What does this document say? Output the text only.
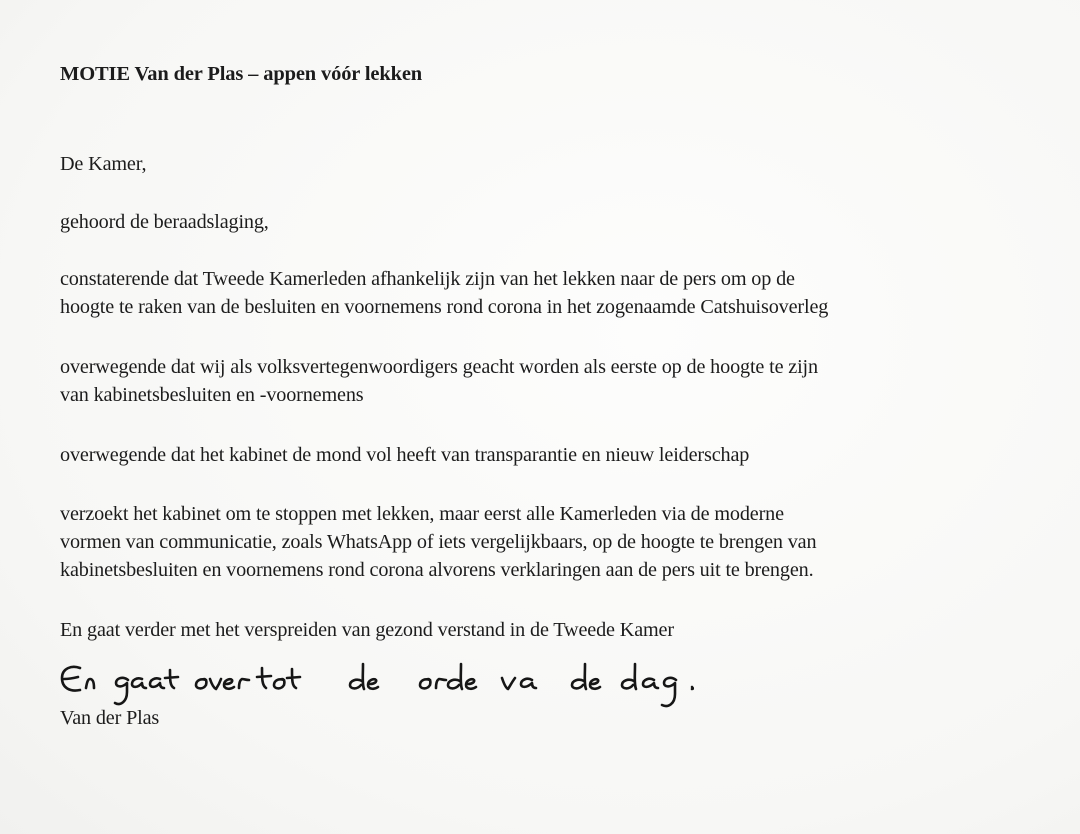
MOTIE Van der Plas – appen vóór lekken
De Kamer,
gehoord de beraadslaging,
constaterende dat Tweede Kamerleden afhankelijk zijn van het lekken naar de pers om op de
hoogte te raken van de besluiten en voornemens rond corona in het zogenaamde Catshuisoverleg
overwegende dat wij als volksvertegenwoordigers geacht worden als eerste op de hoogte te zijn
van kabinetsbesluiten en -voornemens
overwegende dat het kabinet de mond vol heeft van transparantie en nieuw leiderschap
verzoekt het kabinet om te stoppen met lekken, maar eerst alle Kamerleden via de moderne
vormen van communicatie, zoals WhatsApp of iets vergelijkbaars, op de hoogte te brengen van
kabinetsbesluiten en voornemens rond corona alvorens verklaringen aan de pers uit te brengen.
En gaat verder met het verspreiden van gezond verstand in de Tweede Kamer
Van der Plas
